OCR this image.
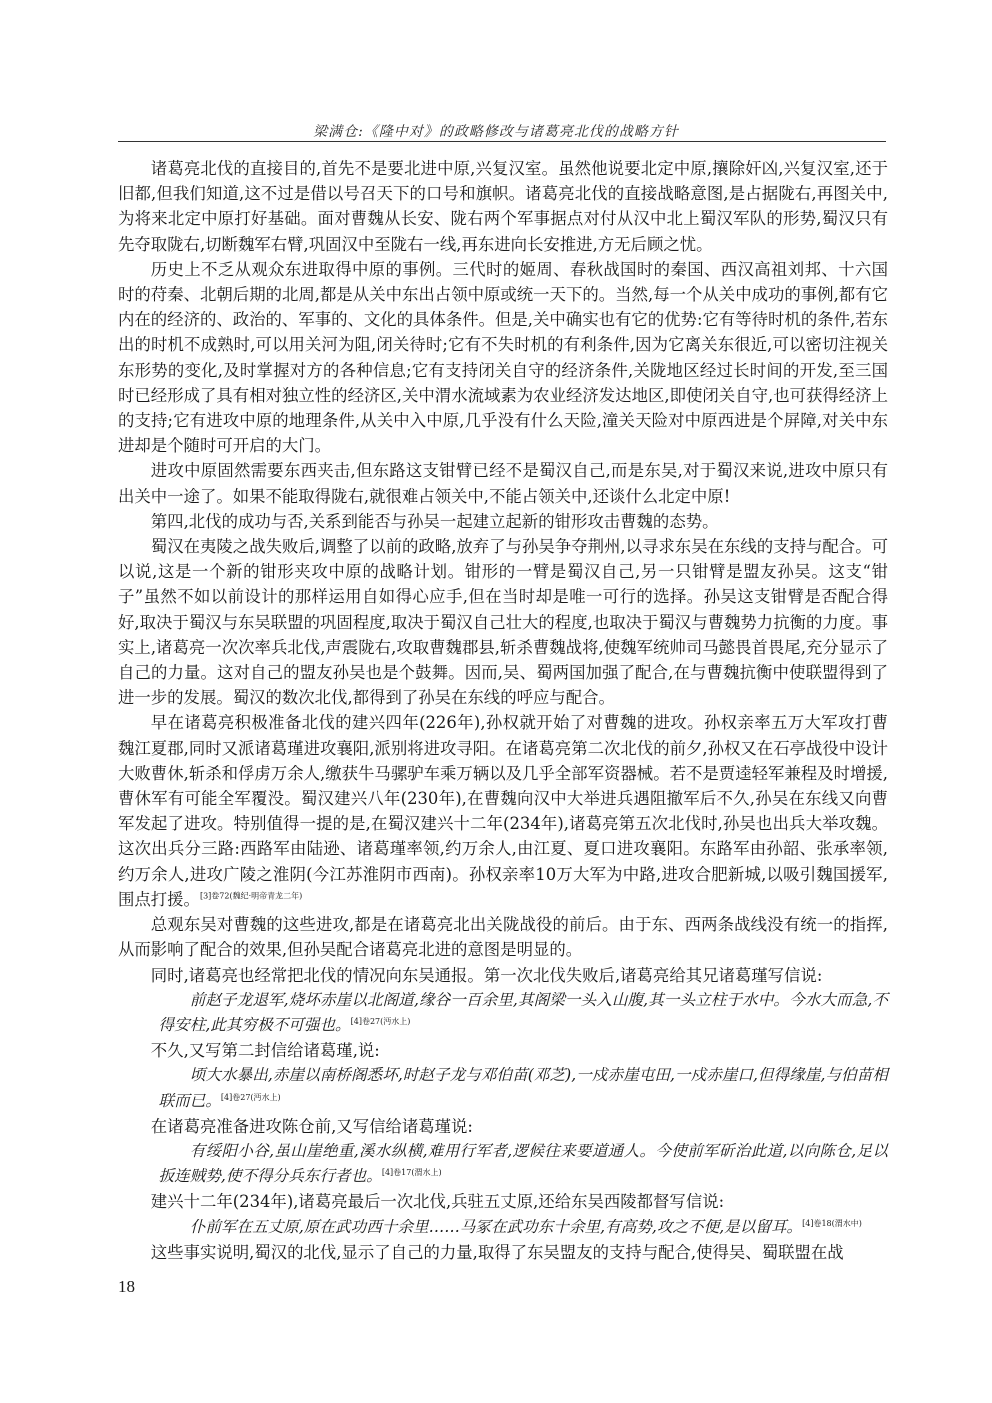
梁满仓:《隆中对》的政略修改与诸葛亮北伐的战略方针

诸葛亮北伐的直接目的,首先不是要北进中原,兴复汉室。虽然他说要北定中原,攘除奸凶,兴复汉室,还于旧都,但我们知道,这不过是借以号召天下的口号和旗帜。诸葛亮北伐的直接战略意图,是占据陇右,再图关中,为将来北定中原打好基础。面对曹魏从长安、陇右两个军事据点对付从汉中北上蜀汉军队的形势,蜀汉只有先夺取陇右,切断魏军右臂,巩固汉中至陇右一线,再东进向长安推进,方无后顾之忧。

历史上不乏从观众东进取得中原的事例。三代时的姬周、春秋战国时的秦国、西汉高祖刘邦、十六国时的苻秦、北朝后期的北周,都是从关中东出占领中原或统一天下的。当然,每一个从关中成功的事例,都有它内在的经济的、政治的、军事的、文化的具体条件。但是,关中确实也有它的优势:它有等待时机的条件,若东出的时机不成熟时,可以用关河为阻,闭关待时;它有不失时机的有利条件,因为它离关东很近,可以密切注视关东形势的变化,及时掌握对方的各种信息;它有支持闭关自守的经济条件,关陇地区经过长时间的开发,至三国时已经形成了具有相对独立性的经济区,关中渭水流域素为农业经济发达地区,即使闭关自守,也可获得经济上的支持;它有进攻中原的地理条件,从关中入中原,几乎没有什么天险,潼关天险对中原西进是个屏障,对关中东进却是个随时可开启的大门。

进攻中原固然需要东西夹击,但东路这支钳臂已经不是蜀汉自己,而是东吴,对于蜀汉来说,进攻中原只有出关中一途了。如果不能取得陇右,就很难占领关中,不能占领关中,还谈什么北定中原!

第四,北伐的成功与否,关系到能否与孙吴一起建立起新的钳形攻击曹魏的态势。

蜀汉在夷陵之战失败后,调整了以前的政略,放弃了与孙吴争夺荆州,以寻求东吴在东线的支持与配合。可以说,这是一个新的钳形夹攻中原的战略计划。钳形的一臂是蜀汉自己,另一只钳臂是盟友孙吴。这支“钳子”虽然不如以前设计的那样运用自如得心应手,但在当时却是唯一可行的选择。孙吴这支钳臂是否配合得好,取决于蜀汉与东吴联盟的巩固程度,取决于蜀汉自己壮大的程度,也取决于蜀汉与曹魏势力抗衡的力度。事实上,诸葛亮一次次率兵北伐,声震陇右,攻取曹魏郡县,斩杀曹魏战将,使魏军统帅司马懿畏首畏尾,充分显示了自己的力量。这对自己的盟友孙吴也是个鼓舞。因而,吴、蜀两国加强了配合,在与曹魏抗衡中使联盟得到了进一步的发展。蜀汉的数次北伐,都得到了孙吴在东线的呼应与配合。

早在诸葛亮积极准备北伐的建兴四年(226年),孙权就开始了对曹魏的进攻。孙权亲率五万大军攻打曹魏江夏郡,同时又派诸葛瑾进攻襄阳,派别将进攻寻阳。在诸葛亮第二次北伐的前夕,孙权又在石亭战役中设计大败曹休,斩杀和俘虏万余人,缴获牛马骡驴车乘万辆以及几乎全部军资器械。若不是贾逵轻军兼程及时增援,曹休军有可能全军覆没。蜀汉建兴八年(230年),在曹魏向汉中大举进兵遇阻撤军后不久,孙吴在东线又向曹军发起了进攻。特别值得一提的是,在蜀汉建兴十二年(234年),诸葛亮第五次北伐时,孙吴也出兵大举攻魏。这次出兵分三路:西路军由陆逊、诸葛瑾率领,约万余人,由江夏、夏口进攻襄阳。东路军由孙韶、张承率领,约万余人,进攻广陵之淮阴(今江苏淮阴市西南)。孙权亲率10万大军为中路,进攻合肥新城,以吸引魏国援军,围点打援。$^{[3]卷72(魏纪\cdot 明帝青龙二年)}$

总观东吴对曹魏的这些进攻,都是在诸葛亮北出关陇战役的前后。由于东、西两条战线没有统一的指挥,从而影响了配合的效果,但孙吴配合诸葛亮北进的意图是明显的。

同时,诸葛亮也经常把北伐的情况向东吴通报。第一次北伐失败后,诸葛亮给其兄诸葛瑾写信说:

前赵子龙退军,烧坏赤崖以北阁道,缘谷一百余里,其阁梁一头入山腹,其一头立柱于水中。今水大而急,不得安柱,此其穷极不可强也。$^{[4]卷27(沔水上)}$

不久,又写第二封信给诸葛瑾,说:

顷大水暴出,赤崖以南桥阁悉坏,时赵子龙与邓伯苗(邓芝),一戍赤崖屯田,一戍赤崖口,但得缘崖,与伯苗相联而已。$^{[4]卷27(沔水上)}$

在诸葛亮准备进攻陈仓前,又写信给诸葛瑾说:

有绥阳小谷,虽山崖绝重,溪水纵横,难用行军者,逻候往来要道通人。今使前军斫治此道,以向陈仓,足以扳连贼势,使不得分兵东行者也。$^{[4]卷17(渭水上)}$

建兴十二年(234年),诸葛亮最后一次北伐,兵驻五丈原,还给东吴西陵都督写信说:

仆前军在五丈原,原在武功西十余里……马冢在武功东十余里,有高势,攻之不便,是以留耳。$^{[4]卷18(渭水中)}$

这些事实说明,蜀汉的北伐,显示了自己的力量,取得了东吴盟友的支持与配合,使得吴、蜀联盟在战

18
